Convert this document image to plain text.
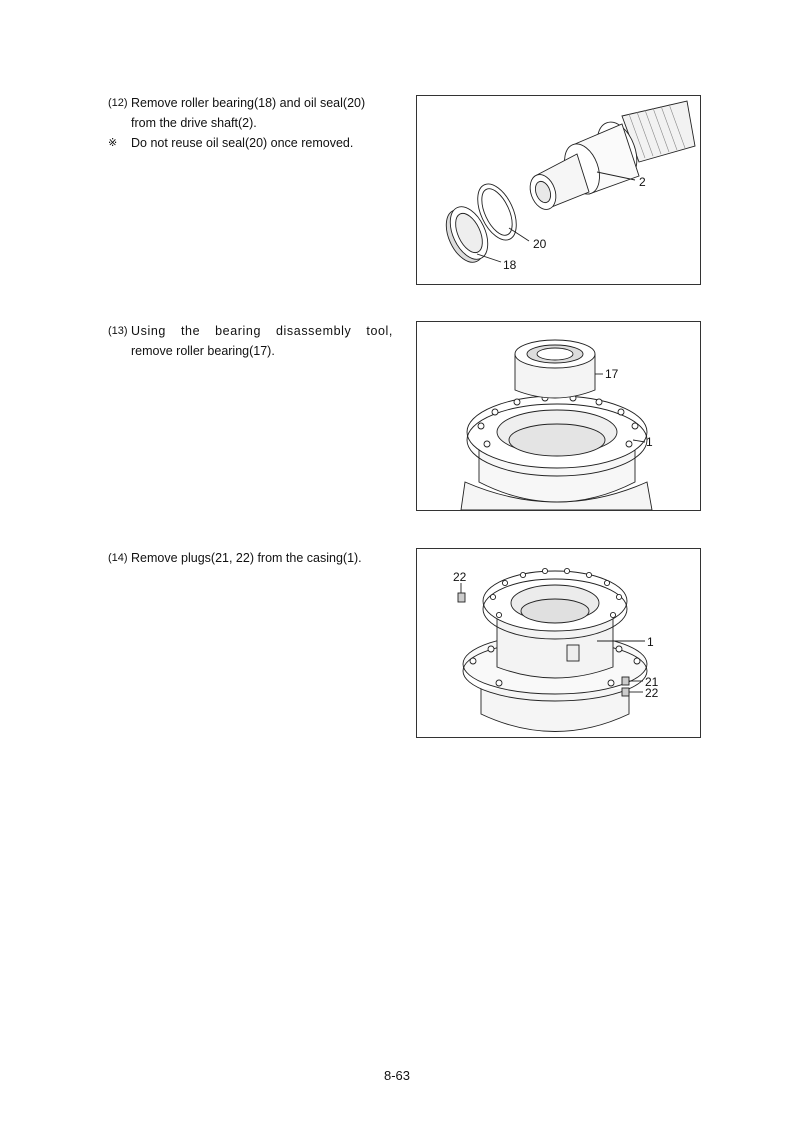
(12) Remove roller bearing(18) and oil seal(20)
from the drive shaft(2).
※	Do not reuse oil seal(20) once removed.
(13) Using the bearing disassembly tool,
remove roller bearing(17).
(14) Remove plugs(21, 22) from the casing(1).
2
20
18
17
1
22
1
21
22
8-63
